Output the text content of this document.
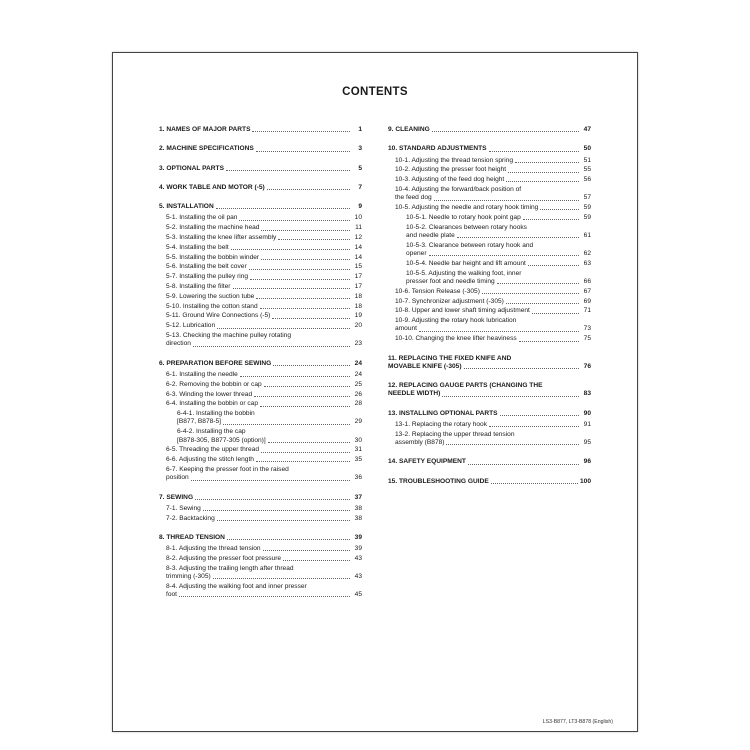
CONTENTS
1. NAMES OF MAJOR PARTS	1
2. MACHINE SPECIFICATIONS	3
3. OPTIONAL PARTS	5
4. WORK TABLE AND MOTOR (-5)	7
5. INSTALLATION	9
5-1. Installing the oil pan	10
5-2. Installing the machine head	11
5-3. Installing the knee lifter assembly	12
5-4. Installing the belt	14
5-5. Installing the bobbin winder	14
5-6. Installing the belt cover	15
5-7. Installing the pulley ring	17
5-8. Installing the filter	17
5-9. Lowering the suction tube	18
5-10. Installing the cotton stand	18
5-11. Ground Wire Connections (-5)	19
5-12. Lubrication	20
5-13. Checking the machine pulley rotating
direction	23
6. PREPARATION BEFORE SEWING	24
6-1. Installing the needle	24
6-2. Removing the bobbin or cap	25
6-3. Winding the lower thread	26
6-4. Installing the bobbin or cap	28
6-4-1. Installing the bobbin
[B877, B878-5]	29
6-4-2. Installing the cap
[B878-305, B877-305 (option)]	30
6-5. Threading the upper thread	31
6-6. Adjusting the stitch length	35
6-7. Keeping the presser foot in the raised
position	36
7. SEWING	37
7-1. Sewing	38
7-2. Backtacking	38
8. THREAD TENSION	39
8-1. Adjusting the thread tension	39
8-2. Adjusting the presser foot pressure	43
8-3. Adjusting the trailing length after thread
trimming (-305)	43
8-4. Adjusting the walking foot and inner presser
foot	45
9. CLEANING	47
10. STANDARD ADJUSTMENTS	50
10-1. Adjusting the thread tension spring	51
10-2. Adjusting the presser foot height	55
10-3. Adjusting of the feed dog height	56
10-4. Adjusting the forward/back position of
the feed dog	57
10-5. Adjusting the needle and rotary hook timing	59
10-5-1. Needle to rotary hook point gap	59
10-5-2. Clearances between rotary hooks
and needle plate	61
10-5-3. Clearance between rotary hook and
opener	62
10-5-4. Needle bar height and lift amount	63
10-5-5. Adjusting the walking foot, inner
presser foot and needle timing	66
10-6. Tension Release (-305)	67
10-7. Synchronizer adjustment (-305)	69
10-8. Upper and lower shaft timing adjustment	71
10-9. Adjusting the rotary hook lubrication
amount	73
10-10. Changing the knee lifter heaviness	75
11. REPLACING THE FIXED KNIFE AND
MOVABLE KNIFE (-305)	76
12. REPLACING GAUGE PARTS (CHANGING THE
NEEDLE WIDTH)	83
13. INSTALLING OPTIONAL PARTS	90
13-1. Replacing the rotary hook	91
13-2. Replacing the upper thread tension
assembly (B878)	95
14. SAFETY EQUIPMENT	96
15. TROUBLESHOOTING GUIDE	100
LS3-B877, LT3-B878 (English)
